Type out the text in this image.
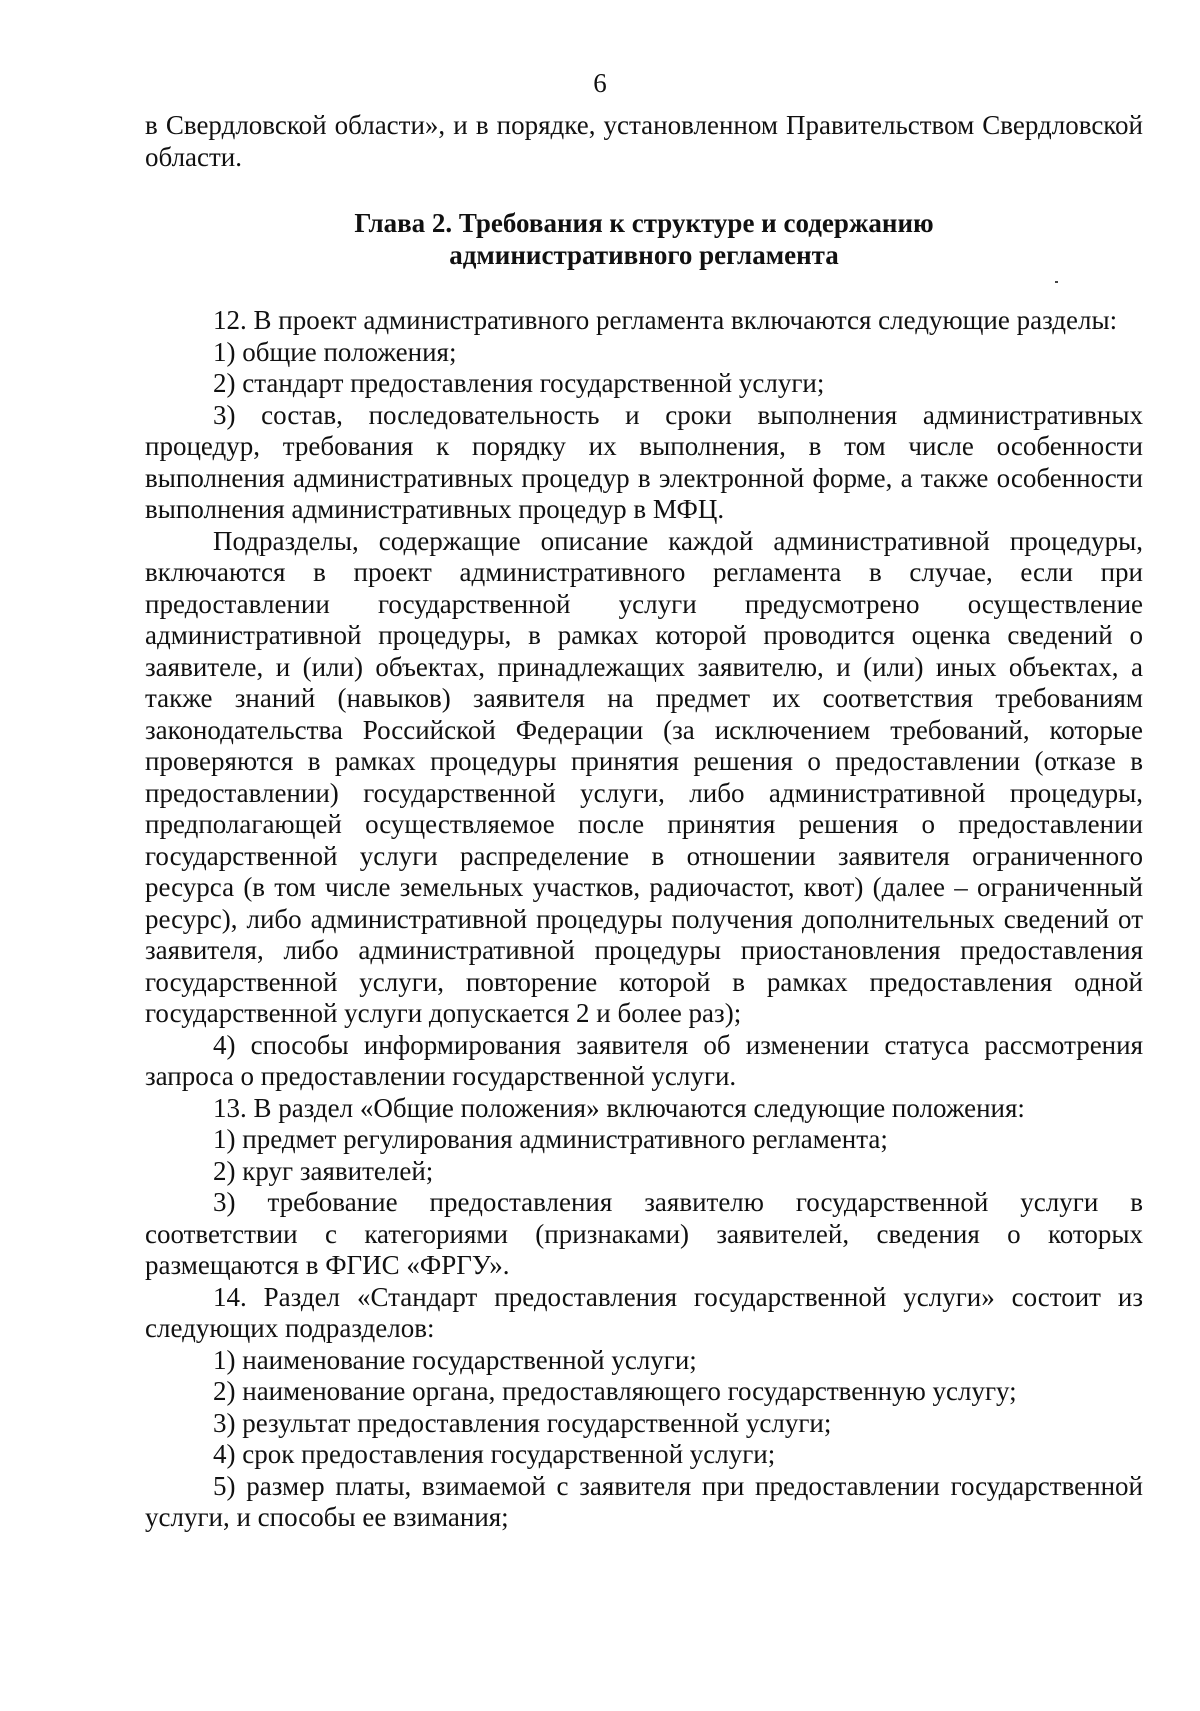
6

в Свердловской области», и в порядке, установленном Правительством Свердловской области.

Глава 2. Требования к структуре и содержанию
административного регламента

12. В проект административного регламента включаются следующие разделы:

1) общие положения;

2) стандарт предоставления государственной услуги;

3) состав, последовательность и сроки выполнения административных процедур, требования к порядку их выполнения, в том числе особенности выполнения административных процедур в электронной форме, а также особенности выполнения административных процедур в МФЦ.

Подразделы, содержащие описание каждой административной процедуры, включаются в проект административного регламента в случае, если при предоставлении государственной услуги предусмотрено осуществление административной процедуры, в рамках которой проводится оценка сведений о заявителе, и (или) объектах, принадлежащих заявителю, и (или) иных объектах, а также знаний (навыков) заявителя на предмет их соответствия требованиям законодательства Российской Федерации (за исключением требований, которые проверяются в рамках процедуры принятия решения о предоставлении (отказе в предоставлении) государственной услуги, либо административной процедуры, предполагающей осуществляемое после принятия решения о предоставлении государственной услуги распределение в отношении заявителя ограниченного ресурса (в том числе земельных участков, радиочастот, квот) (далее – ограниченный ресурс), либо административной процедуры получения дополнительных сведений от заявителя, либо административной процедуры приостановления предоставления государственной услуги, повторение которой в рамках предоставления одной государственной услуги допускается 2 и более раз);

4) способы информирования заявителя об изменении статуса рассмотрения запроса о предоставлении государственной услуги.

13. В раздел «Общие положения» включаются следующие положения:

1) предмет регулирования административного регламента;

2) круг заявителей;

3) требование предоставления заявителю государственной услуги в соответствии с категориями (признаками) заявителей, сведения о которых размещаются в ФГИС «ФРГУ».

14. Раздел «Стандарт предоставления государственной услуги» состоит из следующих подразделов:

1) наименование государственной услуги;

2) наименование органа, предоставляющего государственную услугу;

3) результат предоставления государственной услуги;

4) срок предоставления государственной услуги;

5) размер платы, взимаемой с заявителя при предоставлении государственной услуги, и способы ее взимания;
